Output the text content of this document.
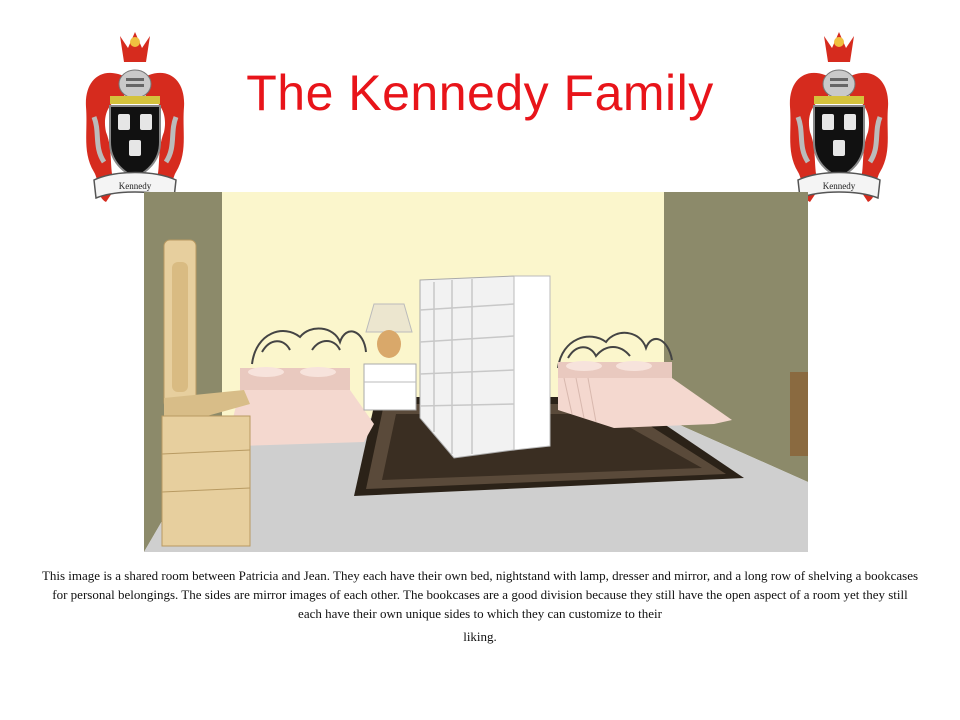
The Kennedy Family
Kennedy	Kennedy
This image is a shared room between Patricia and Jean. They each have their own bed, nightstand with lamp, dresser and mirror, and a long row of shelving a bookcases for personal belongings. The sides are mirror images of each other. The bookcases are a good division because they still have the open aspect of a room yet they still each have their own unique sides to which they can customize to their
liking.
